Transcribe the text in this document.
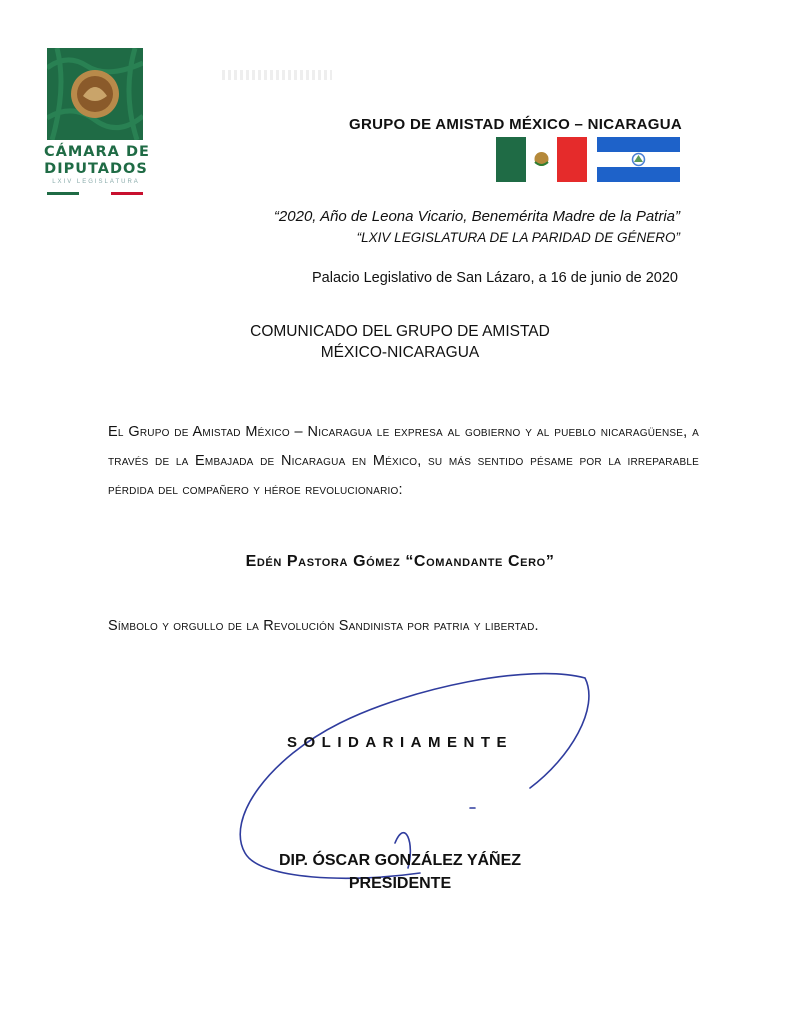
CÁMARA DE
DIPUTADOS
LXIV LEGISLATURA
GRUPO DE AMISTAD MÉXICO – NICARAGUA
“2020, Año de Leona Vicario, Benemérita Madre de la Patria”
“LXIV LEGISLATURA DE LA PARIDAD DE GÉNERO”
Palacio Legislativo de San Lázaro, a 16 de junio de 2020
COMUNICADO DEL GRUPO DE AMISTAD
MÉXICO-NICARAGUA
El Grupo de Amistad México – Nicaragua le expresa al gobierno y al pueblo nicaragüense, a través de la Embajada de Nicaragua en México, su más sentido pésame por la irreparable pérdida del compañero y héroe revolucionario:
Edén Pastora Gómez “Comandante Cero”
Símbolo y orgullo de la Revolución Sandinista por patria y libertad.
SOLIDARIAMENTE
DIP. ÓSCAR GONZÁLEZ YÁÑEZ
PRESIDENTE
